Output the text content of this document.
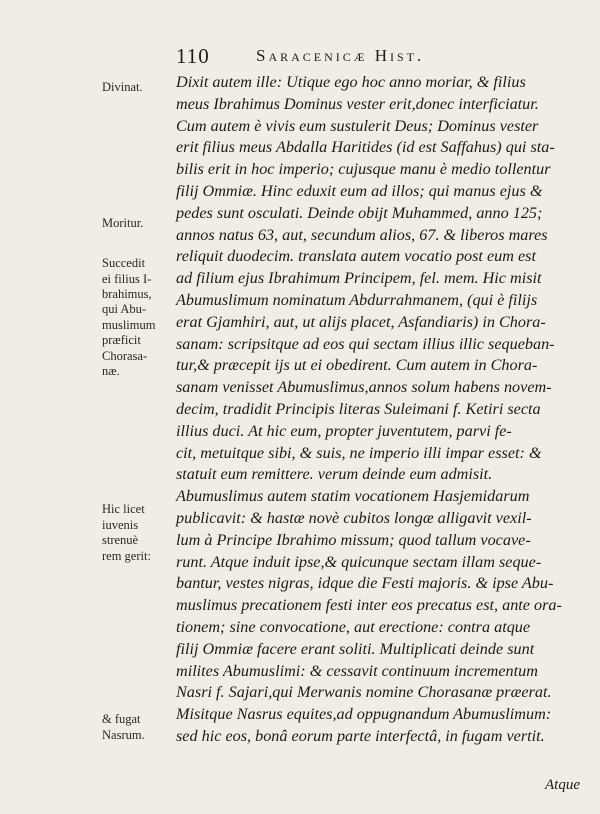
110	Saracenicæ Hist.
Dixit autem ille: Utique ego hoc anno moriar, & filius
meus Ibrahimus Dominus vester erit,donec interficiatur.
Cum autem è vivis eum sustulerit Deus; Dominus vester
erit filius meus Abdalla Haritides (id est Saffahus) qui sta-
bilis erit in hoc imperio; cujusque manu è medio tollentur
filij Ommiæ. Hinc eduxit eum ad illos; qui manus ejus &
pedes sunt osculati. Deinde obijt Muhammed, anno 125;
annos natus 63, aut, secundum alios, 67. & liberos mares
reliquit duodecim. translata autem vocatio post eum est
ad filium ejus Ibrahimum Principem, fel. mem. Hic misit
Abumuslimum nominatum Abdurrahmanem, (qui è filijs
erat Gjamhiri, aut, ut alijs placet, Asfandiaris) in Chora-
sanam: scripsitque ad eos qui sectam illius illic sequeban-
tur,& præcepit ijs ut ei obedirent. Cum autem in Chora-
sanam venisset Abumuslimus,annos solum habens novem-
decim, tradidit Principis literas Suleimani f. Ketiri secta
illius duci. At hic eum, propter juventutem, parvi fe-
cit, metuitque sibi, & suis, ne imperio illi impar esset: &
statuit eum remittere. verum deinde eum admisit.
Abumuslimus autem statim vocationem Hasjemidarum
publicavit: & hastæ novè cubitos longæ alligavit vexil-
lum à Principe Ibrahimo missum; quod tallum vocave-
runt. Atque induit ipse,& quicunque sectam illam seque-
bantur, vestes nigras, idque die Festi majoris. & ipse Abu-
muslimus precationem festi inter eos precatus est, ante ora-
tionem; sine convocatione, aut erectione: contra atque
filij Ommiæ facere erant soliti. Multiplicati deinde sunt
milites Abumuslimi: & cessavit continuum incrementum
Nasri f. Sajari,qui Merwanis nomine Chorasanæ præerat.
Misitque Nasrus equites,ad oppugnandum Abumuslimum:
sed hic eos, bonâ eorum parte interfectâ, in fugam vertit.
Atque
Divinat.
Moritur.
Succedit
ei filius I-
brahimus,
qui Abu-
muslimum
præficit
Chorasa-
næ.
Hic licet
iuvenis
strenuè
rem gerit:
& fugat
Nasrum.
